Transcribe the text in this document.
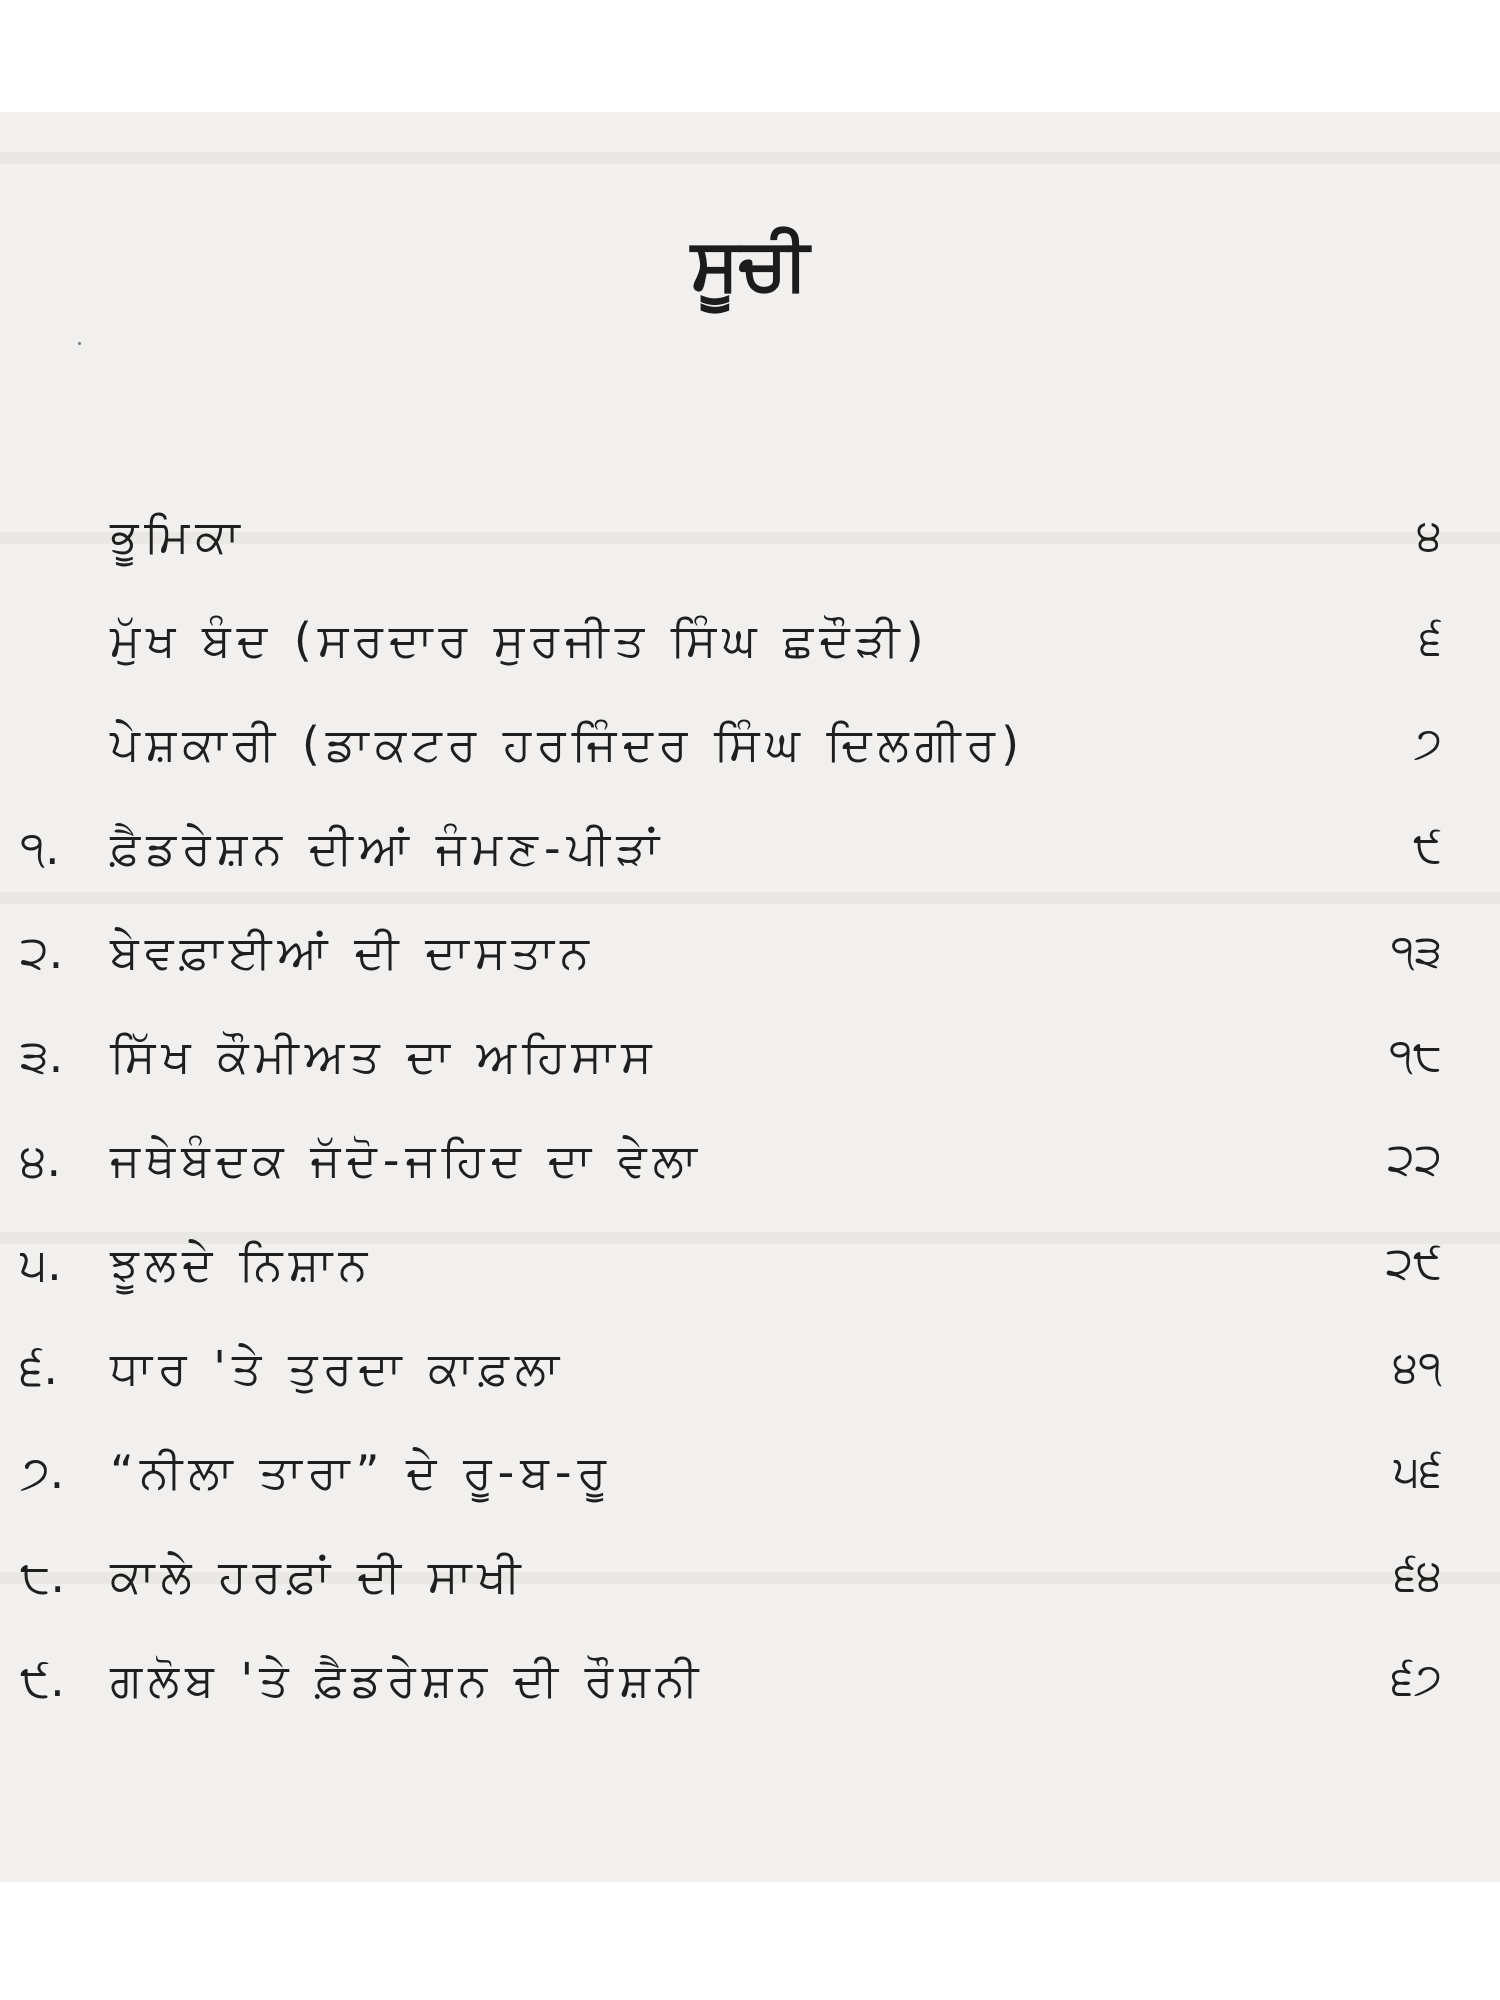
ਸੂਚੀ
ਭੂਮਿਕਾ	੪
ਮੁੱਖ ਬੰਦ (ਸਰਦਾਰ ਸੁਰਜੀਤ ਸਿੰਘ ਛਦੌੜੀ)	੬
ਪੇਸ਼ਕਾਰੀ (ਡਾਕਟਰ ਹਰਜਿੰਦਰ ਸਿੰਘ ਦਿਲਗੀਰ)	੭
੧.	ਫ਼ੈਡਰੇਸ਼ਨ ਦੀਆਂ ਜੰਮਣ-ਪੀੜਾਂ	੯
੨.	ਬੇਵਫ਼ਾਈਆਂ ਦੀ ਦਾਸਤਾਨ	੧੩
੩.	ਸਿੱਖ ਕੌਮੀਅਤ ਦਾ ਅਹਿਸਾਸ	੧੮
੪.	ਜਥੇਬੰਦਕ ਜੱਦੋ-ਜਹਿਦ ਦਾ ਵੇਲਾ	੨੨
੫.	ਝੂਲਦੇ ਨਿਸ਼ਾਨ	੨੯
੬.	ਧਾਰ 'ਤੇ ਤੁਰਦਾ ਕਾਫ਼ਲਾ	੪੧
੭. “ਨੀਲਾ ਤਾਰਾ” ਦੇ ਰੂ-ਬ-ਰੂ	੫੬
੮. ਕਾਲੇ ਹਰਫ਼ਾਂ ਦੀ ਸਾਖੀ	੬੪
੯. ਗਲੋਬ 'ਤੇ ਫ਼ੈਡਰੇਸ਼ਨ ਦੀ ਰੌਸ਼ਨੀ	੬੭
